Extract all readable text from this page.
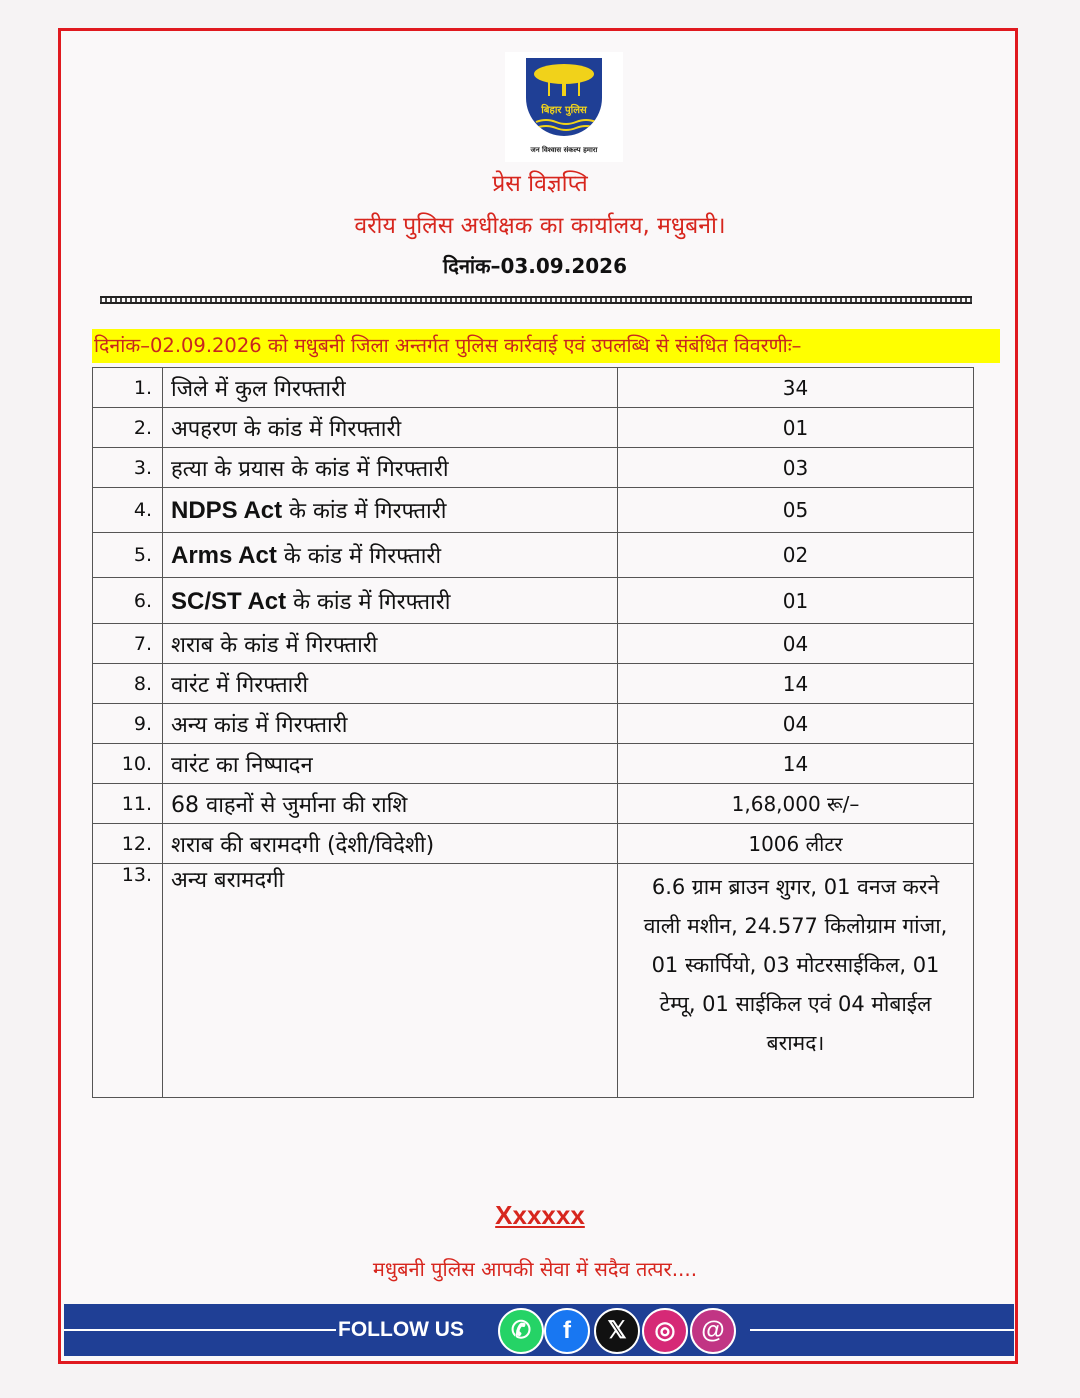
बिहार पुलिस
जन विश्वास संकल्प हमारा
प्रेस विज्ञप्ति
वरीय पुलिस अधीक्षक का कार्यालय, मधुबनी।
दिनांक–03.09.2026
दिनांक–02.09.2026 को मधुबनी जिला अन्तर्गत पुलिस कार्रवाई एवं उपलब्धि से संबंधित विवरणीः–
1.	जिले में कुल गिरफ्तारी	34
2.	अपहरण के कांड में गिरफ्तारी	01
3.	हत्या के प्रयास के कांड में गिरफ्तारी	03
4.	NDPS Act के कांड में गिरफ्तारी	05
5.	Arms Act के कांड में गिरफ्तारी	02
6.	SC/ST Act के कांड में गिरफ्तारी	01
7.	शराब के कांड में गिरफ्तारी	04
8.	वारंट में गिरफ्तारी	14
9.	अन्य कांड में गिरफ्तारी	04
10.	वारंट का निष्पादन	14
11.	68 वाहनों से जुर्माना की राशि	1,68,000 रू/–
12.	शराब की बरामदगी (देशी/विदेशी)	1006 लीटर
13.	अन्य बरामदगी	6.6 ग्राम ब्राउन शुगर, 01 वनज करने वाली मशीन, 24.577 किलोग्राम गांजा, 01 स्कार्पियो, 03 मोटरसाईकिल, 01 टेम्पू, 01 साईकिल एवं 04 मोबाईल बरामद।
Xxxxxx
मधुबनी पुलिस आपकी सेवा में सदैव तत्पर....
FOLLOW US	✆	f	𝕏	◎	@
